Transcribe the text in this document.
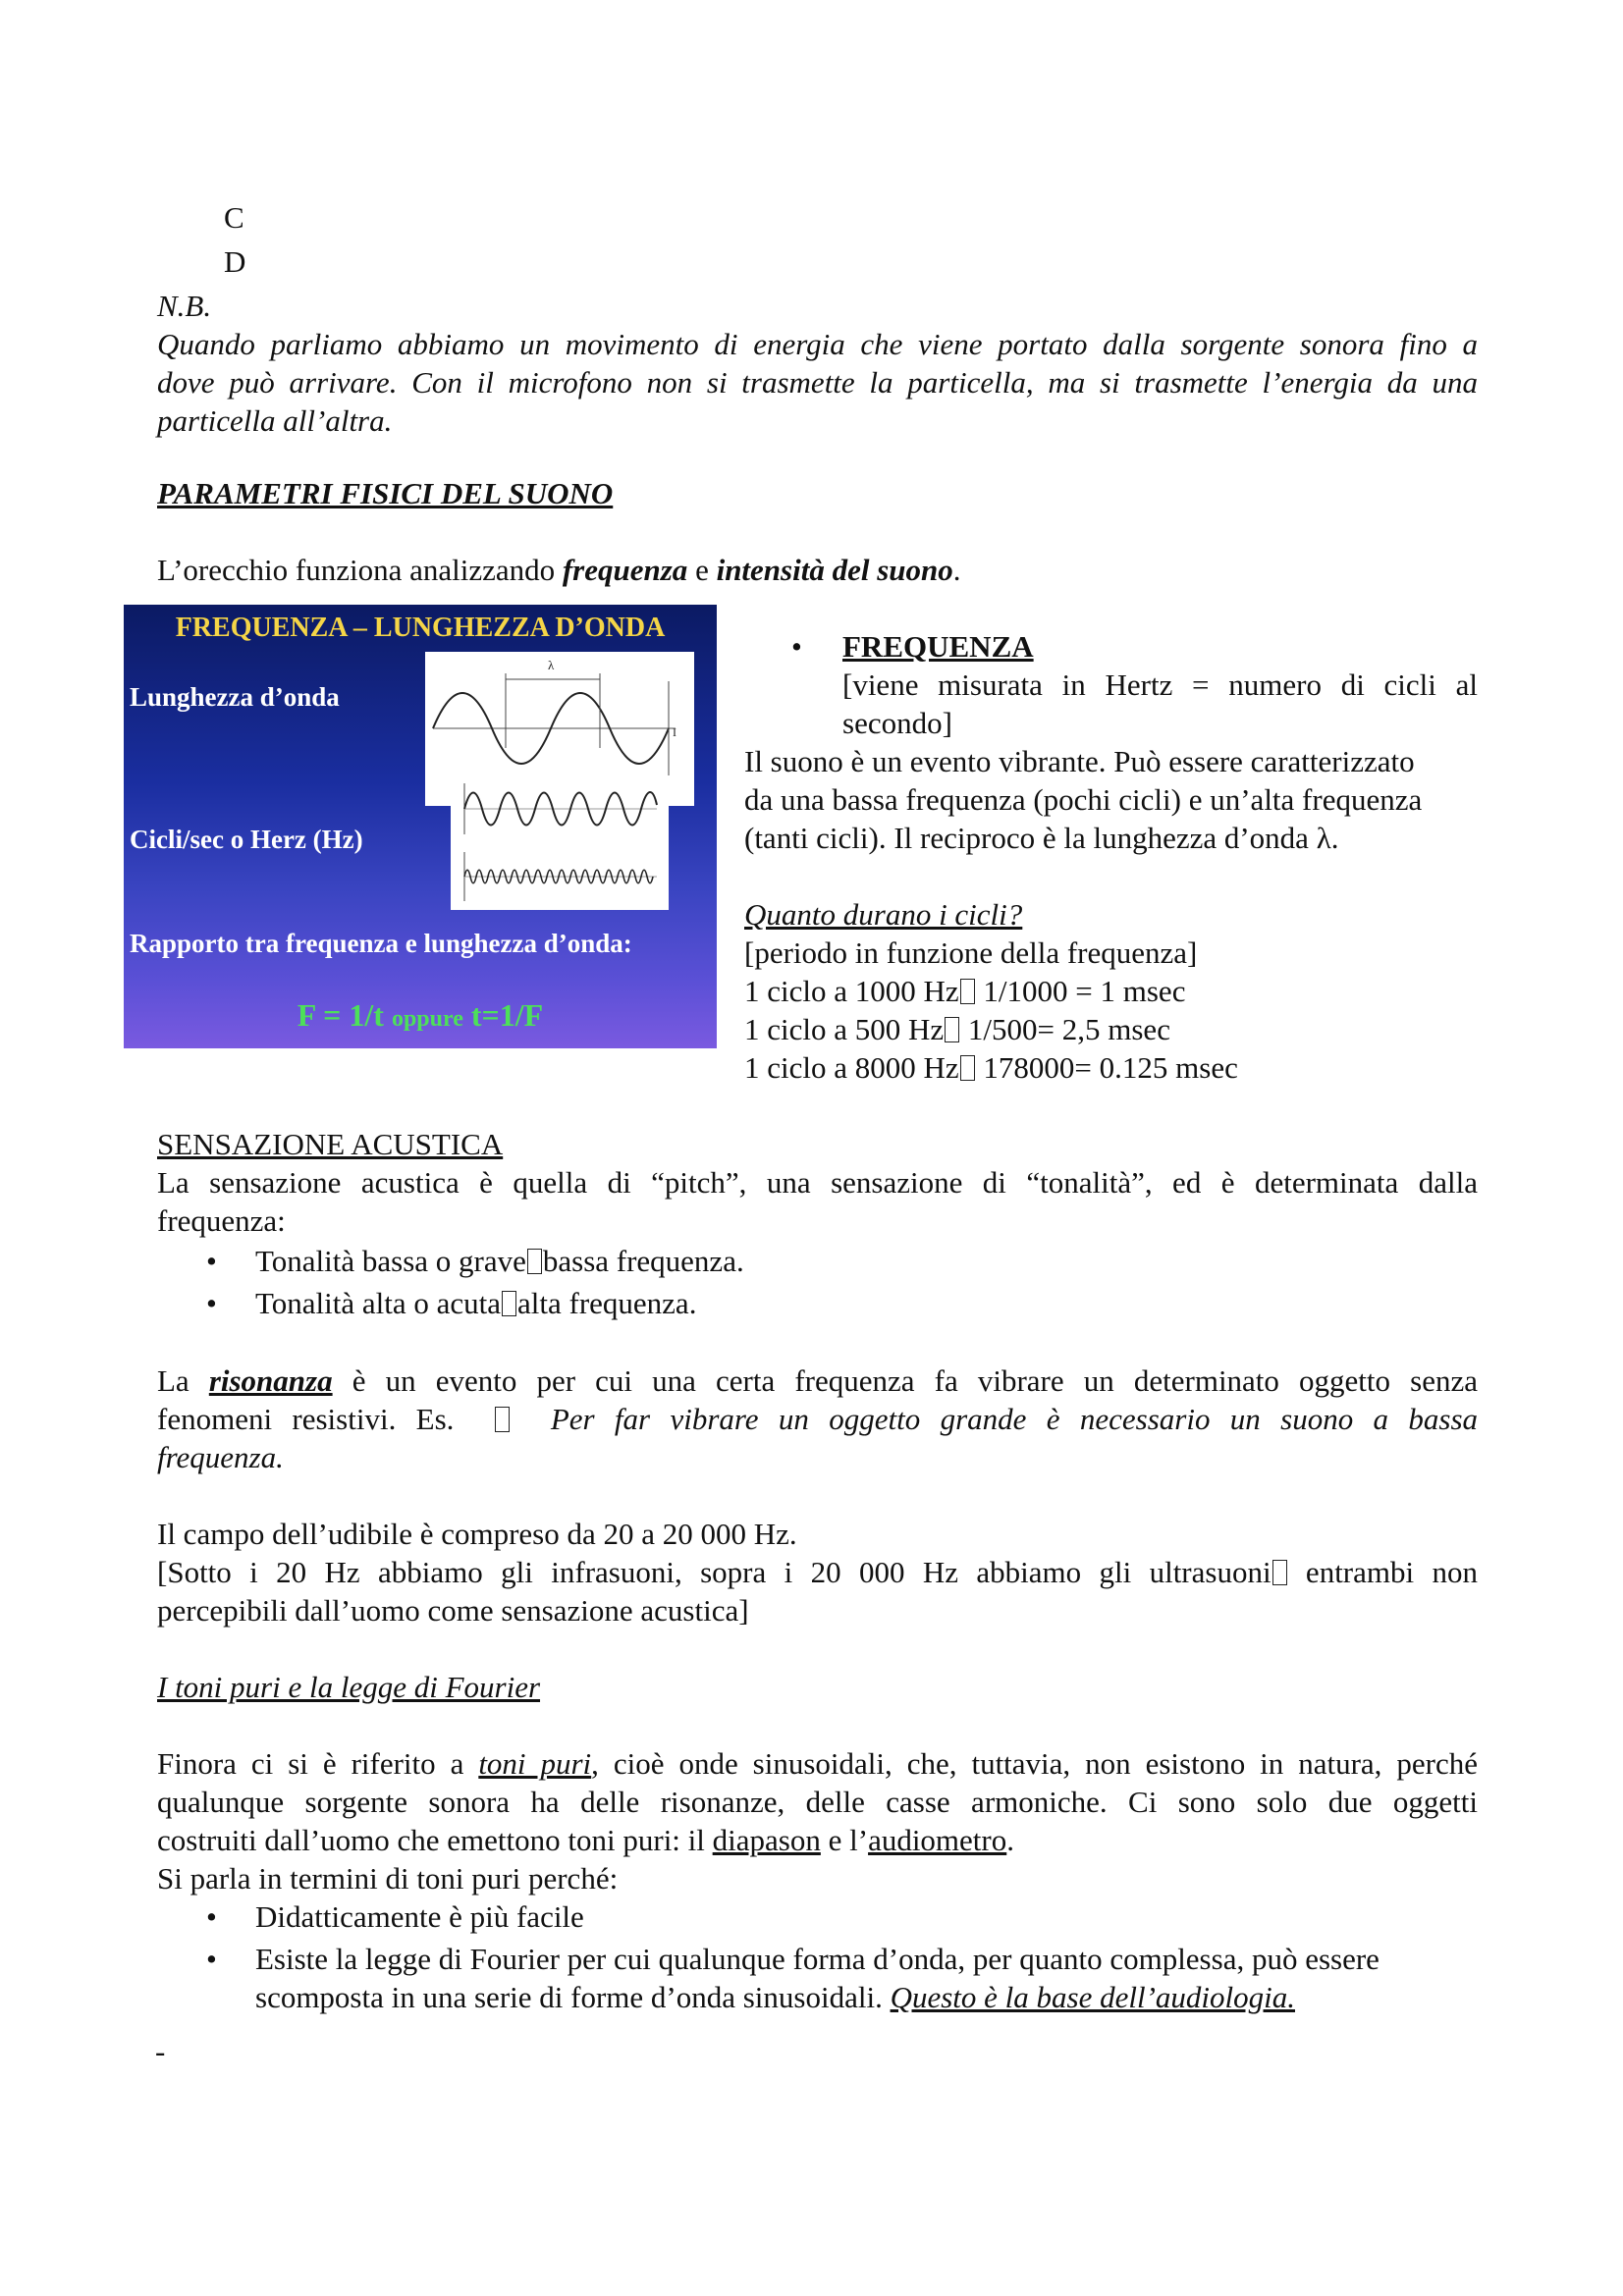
C
D
N.B.
Quando parliamo abbiamo un movimento di energia che viene portato dalla sorgente sonora fino a
dove può arrivare. Con il microfono non si trasmette la particella, ma si trasmette l’energia da una
particella all’altra.
PARAMETRI FISICI DEL SUONO
L’orecchio funziona analizzando frequenza e intensità del suono.
FREQUENZA – LUNGHEZZA D’ONDA
Lunghezza d’onda
Cicli/sec o Herz (Hz)
Rapporto tra frequenza e lunghezza d’onda:
F = 1/t oppure t=1/F
λ
I
• FREQUENZA
[viene misurata in Hertz = numero di cicli al
secondo]
Il suono è un evento vibrante. Può essere caratterizzato
da una bassa frequenza (pochi cicli) e un’alta frequenza
(tanti cicli). Il reciproco è la lunghezza d’onda λ.
Quanto durano i cicli?
[periodo in funzione della frequenza]
1 ciclo a 1000 Hz 1/1000 = 1 msec
1 ciclo a 500 Hz 1/500= 2,5 msec
1 ciclo a 8000 Hz 178000= 0.125 msec
SENSAZIONE ACUSTICA
La sensazione acustica è quella di “pitch”, una sensazione di “tonalità”, ed è determinata dalla
frequenza:
• Tonalità bassa o grave bassa frequenza.
• Tonalità alta o acuta alta frequenza.
La risonanza è un evento per cui una certa frequenza fa vibrare un determinato oggetto senza
fenomeni resistivi. Es.	Per far vibrare un oggetto grande è necessario un suono a bassa
frequenza.
Il campo dell’udibile è compreso da 20 a 20 000 Hz.
[Sotto i 20 Hz abbiamo gli infrasuoni, sopra i 20 000 Hz abbiamo gli ultrasuoni entrambi non
percepibili dall’uomo come sensazione acustica]
I toni puri e la legge di Fourier
Finora ci si è riferito a toni puri, cioè onde sinusoidali, che, tuttavia, non esistono in natura, perché
qualunque sorgente sonora ha delle risonanze, delle casse armoniche. Ci sono solo due oggetti
costruiti dall’uomo che emettono toni puri: il diapason e l’audiometro.
Si parla in termini di toni puri perché:
• Didatticamente è più facile
• Esiste la legge di Fourier per cui qualunque forma d’onda, per quanto complessa, può essere
scomposta in una serie di forme d’onda sinusoidali. Questo è la base dell’audiologia.
-
